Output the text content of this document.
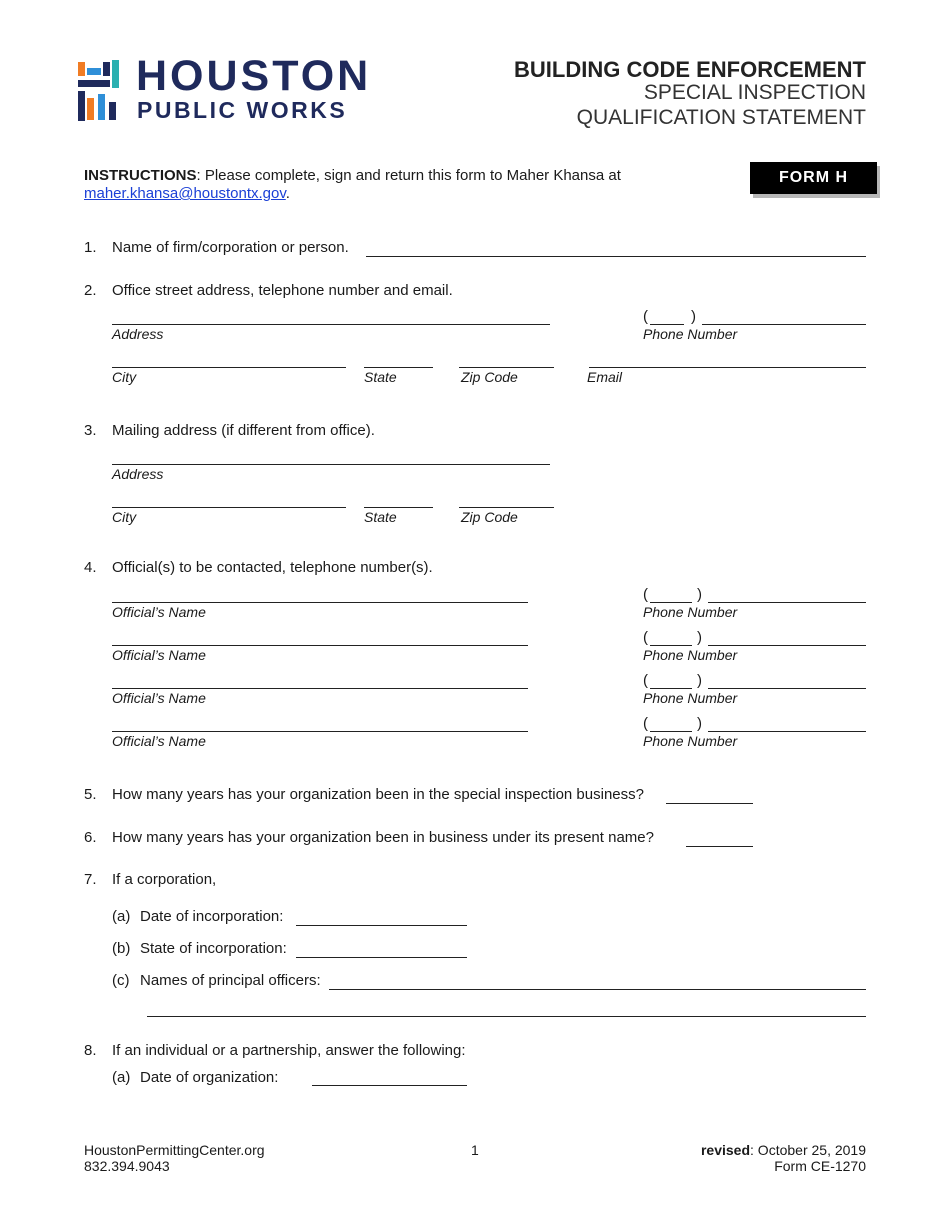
HOUSTON
PUBLIC WORKS
BUILDING CODE ENFORCEMENT
SPECIAL INSPECTION
QUALIFICATION STATEMENT
INSTRUCTIONS: Please complete, sign and return this form to Maher Khansa at
maher.khansa@houstontx.gov.
FORM H
1. Name of firm/corporation or person.
2. Office street address, telephone number and email.
Address
(	)
Phone Number
City	State	Zip Code	Email
3. Mailing address (if different from office).
Address
City	State	Zip Code
4. Official(s) to be contacted, telephone number(s).
Official’s Name
(	)
Phone Number
Official’s Name
(	)
Phone Number
Official’s Name
(	)
Phone Number
Official’s Name
(	)
Phone Number
5. How many years has your organization been in the special inspection business?
6. How many years has your organization been in business under its present name?
7. If a corporation,
(a) Date of incorporation:
(b) State of incorporation:
(c) Names of principal officers:
8. If an individual or a partnership, answer the following:
(a) Date of organization:
HoustonPermittingCenter.org
832.394.9043
1	revised: October 25, 2019
Form CE-1270
